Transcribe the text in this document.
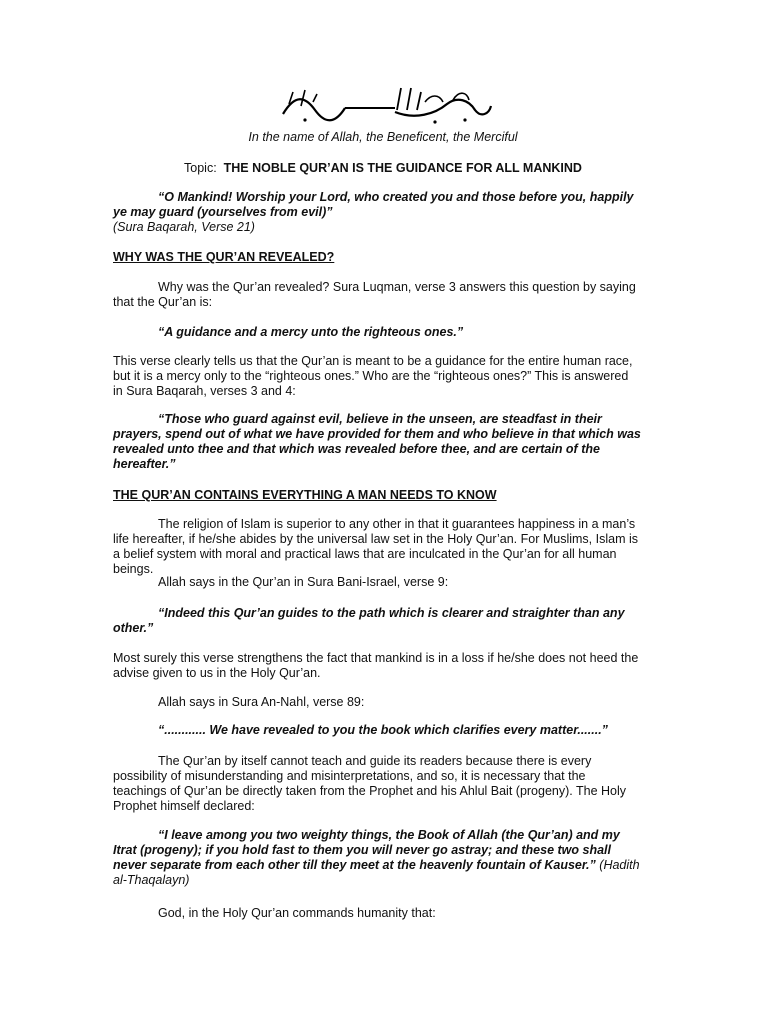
In the name of Allah, the Beneficent, the Merciful

Topic: THE NOBLE QUR’AN IS THE GUIDANCE FOR ALL MANKIND

“O Mankind! Worship your Lord, who created you and those before you, happily ye may guard (yourselves from evil)”

(Sura Baqarah, Verse 21)

WHY WAS THE QUR’AN REVEALED?

Why was the Qur’an revealed? Sura Luqman, verse 3 answers this question by saying that the Qur’an is:

“A guidance and a mercy unto the righteous ones.”

This verse clearly tells us that the Qur’an is meant to be a guidance for the entire human race, but it is a mercy only to the “righteous ones.” Who are the “righteous ones?” This is answered in Sura Baqarah, verses 3 and 4:

“Those who guard against evil, believe in the unseen, are steadfast in their prayers, spend out of what we have provided for them and who believe in that which was revealed unto thee and that which was revealed before thee, and are certain of the hereafter.”

THE QUR’AN CONTAINS EVERYTHING A MAN NEEDS TO KNOW

The religion of Islam is superior to any other in that it guarantees happiness in a man’s life hereafter, if he/she abides by the universal law set in the Holy Qur’an. For Muslims, Islam is a belief system with moral and practical laws that are inculcated in the Qur’an for all human beings.

Allah says in the Qur’an in Sura Bani-Israel, verse 9:

“Indeed this Qur’an guides to the path which is clearer and straighter than any other.”

Most surely this verse strengthens the fact that mankind is in a loss if he/she does not heed the advise given to us in the Holy Qur’an.

Allah says in Sura An-Nahl, verse 89:

“............ We have revealed to you the book which clarifies every matter.......”

The Qur’an by itself cannot teach and guide its readers because there is every possibility of misunderstanding and misinterpretations, and so, it is necessary that the teachings of Qur’an be directly taken from the Prophet and his Ahlul Bait (progeny). The Holy Prophet himself declared:

“I leave among you two weighty things, the Book of Allah (the Qur’an) and my Itrat (progeny); if you hold fast to them you will never go astray; and these two shall never separate from each other till they meet at the heavenly fountain of Kauser.” (Hadith al-Thaqalayn)

God, in the Holy Qur’an commands humanity that:
